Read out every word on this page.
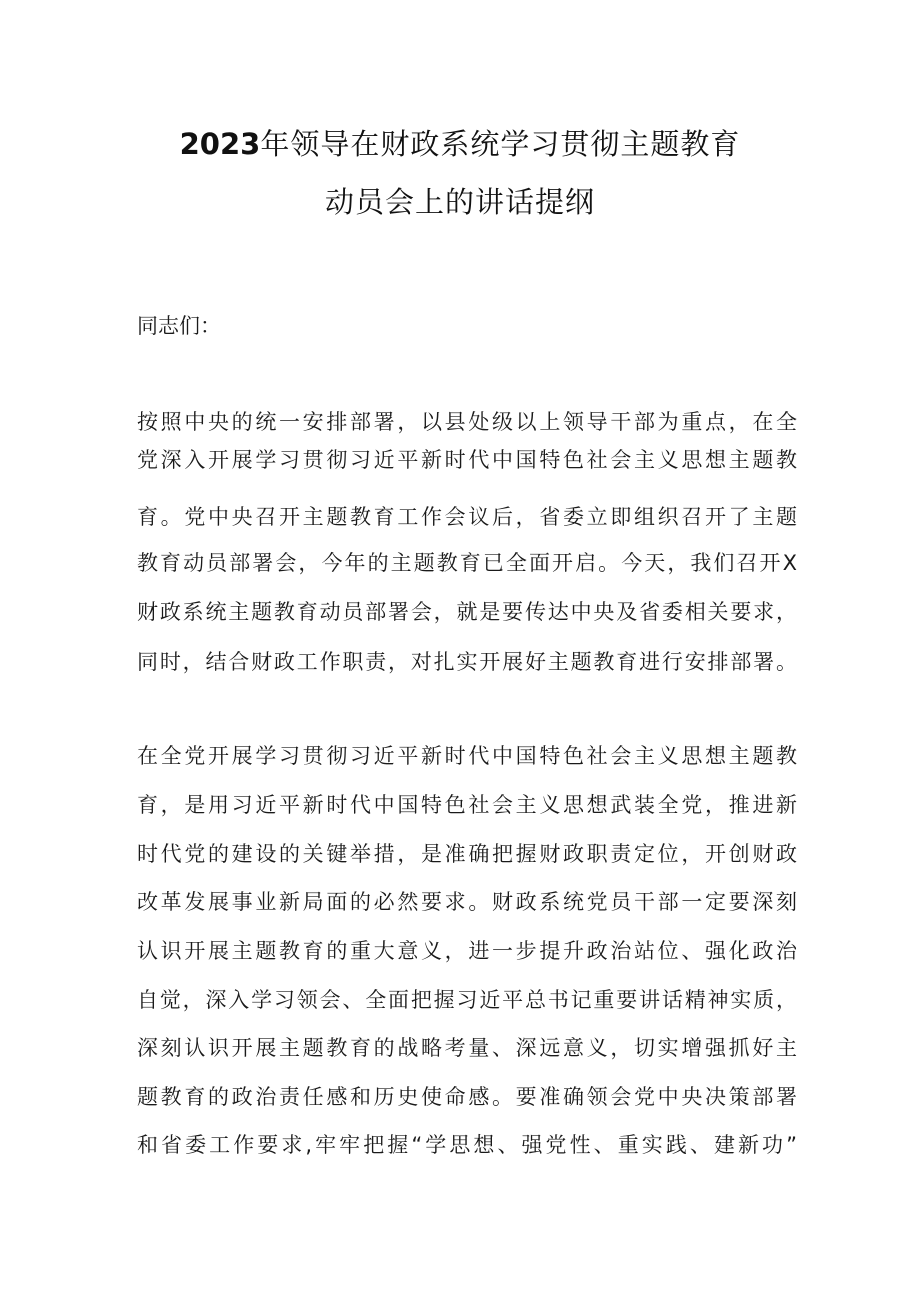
2023年领导在财政系统学习贯彻主题教育
动员会上的讲话提纲
同志们：
按照中央的统一安排部署，以县处级以上领导干部为重点，在全
党深入开展学习贯彻习近平新时代中国特色社会主义思想主题教
育。党中央召开主题教育工作会议后，省委立即组织召开了主题
教育动员部署会，今年的主题教育已全面开启。今天，我们召开X
财政系统主题教育动员部署会，就是要传达中央及省委相关要求，
同时，结合财政工作职责，对扎实开展好主题教育进行安排部署。
在全党开展学习贯彻习近平新时代中国特色社会主义思想主题教
育，是用习近平新时代中国特色社会主义思想武装全党，推进新
时代党的建设的关键举措，是准确把握财政职责定位，开创财政
改革发展事业新局面的必然要求。财政系统党员干部一定要深刻
认识开展主题教育的重大意义，进一步提升政治站位、强化政治
自觉，深入学习领会、全面把握习近平总书记重要讲话精神实质，
深刻认识开展主题教育的战略考量、深远意义，切实增强抓好主
题教育的政治责任感和历史使命感。要准确领会党中央决策部署
和省委工作要求,牢牢把握“学思想、强党性、重实践、建新功”
